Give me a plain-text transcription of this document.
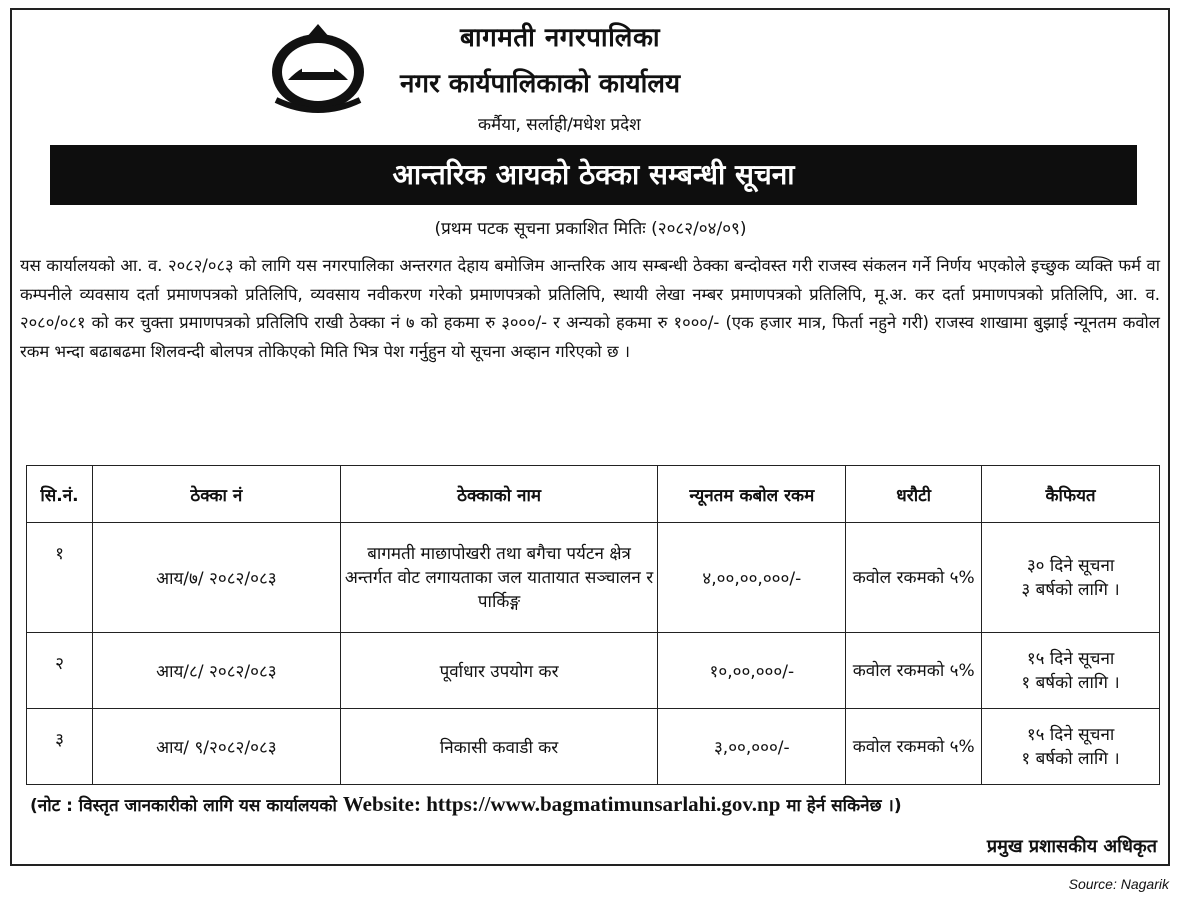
बागमती नगरपालिका
नगर कार्यपालिकाको कार्यालय
कर्मैया, सर्लाही/मधेश प्रदेश
आन्तरिक आयको ठेक्का सम्बन्धी सूचना
(प्रथम पटक सूचना प्रकाशित मितिः (२०८२/०४/०९)
यस कार्यालयको आ. व. २०८२/०८३ को लागि यस नगरपालिका अन्तरगत देहाय बमोजिम आन्तरिक आय सम्बन्धी ठेक्का बन्दोवस्त गरी राजस्व संकलन गर्ने निर्णय भएकोले इच्छुक व्यक्ति फर्म वा कम्पनीले व्यवसाय दर्ता प्रमाणपत्रको प्रतिलिपि, व्यवसाय नवीकरण गरेको प्रमाणपत्रको प्रतिलिपि, स्थायी लेखा नम्बर प्रमाणपत्रको प्रतिलिपि, मू.अ. कर दर्ता प्रमाणपत्रको प्रतिलिपि, आ. व. २०८०/०८१ को कर चुक्ता प्रमाणपत्रको प्रतिलिपि राखी ठेक्का नं ७ को हकमा रु ३०००/- र अन्यको हकमा रु १०००/- (एक हजार मात्र, फिर्ता नहुने गरी) राजस्व शाखामा बुझाई न्यूनतम कवोल रकम भन्दा बढाबढमा शिलवन्दी बोलपत्र तोकिएको मिति भित्र पेश गर्नुहुन यो सूचना अव्हान गरिएको छ ।
सि.नं.	ठेक्का नं	ठेक्काको नाम	न्यूनतम कबोल रकम	धरौटी	कैफियत
१	आय/७/ २०८२/०८३	बागमती माछापोखरी तथा बगैचा पर्यटन क्षेत्र अन्तर्गत वोट लगायताका जल यातायात सञ्चालन र पार्किङ्ग	४,००,००,०००/-	कवोल रकमको ५%	३० दिने सूचना
३ बर्षको लागि ।

२	आय/८/ २०८२/०८३	पूर्वाधार उपयोग कर	१०,००,०००/-	कवोल रकमको ५%	१५ दिने सूचना
१ बर्षको लागि ।

३	आय/ ९/२०८२/०८३	निकासी कवाडी कर	३,००,०००/-	कवोल रकमको ५%	१५ दिने सूचना
१ बर्षको लागि ।
(नोट : विस्तृत जानकारीको लागि यस कार्यालयको Website: https://www.bagmatimunsarlahi.gov.np मा हेर्न सकिनेछ ।)
प्रमुख प्रशासकीय अधिकृत
Source: Nagarik
